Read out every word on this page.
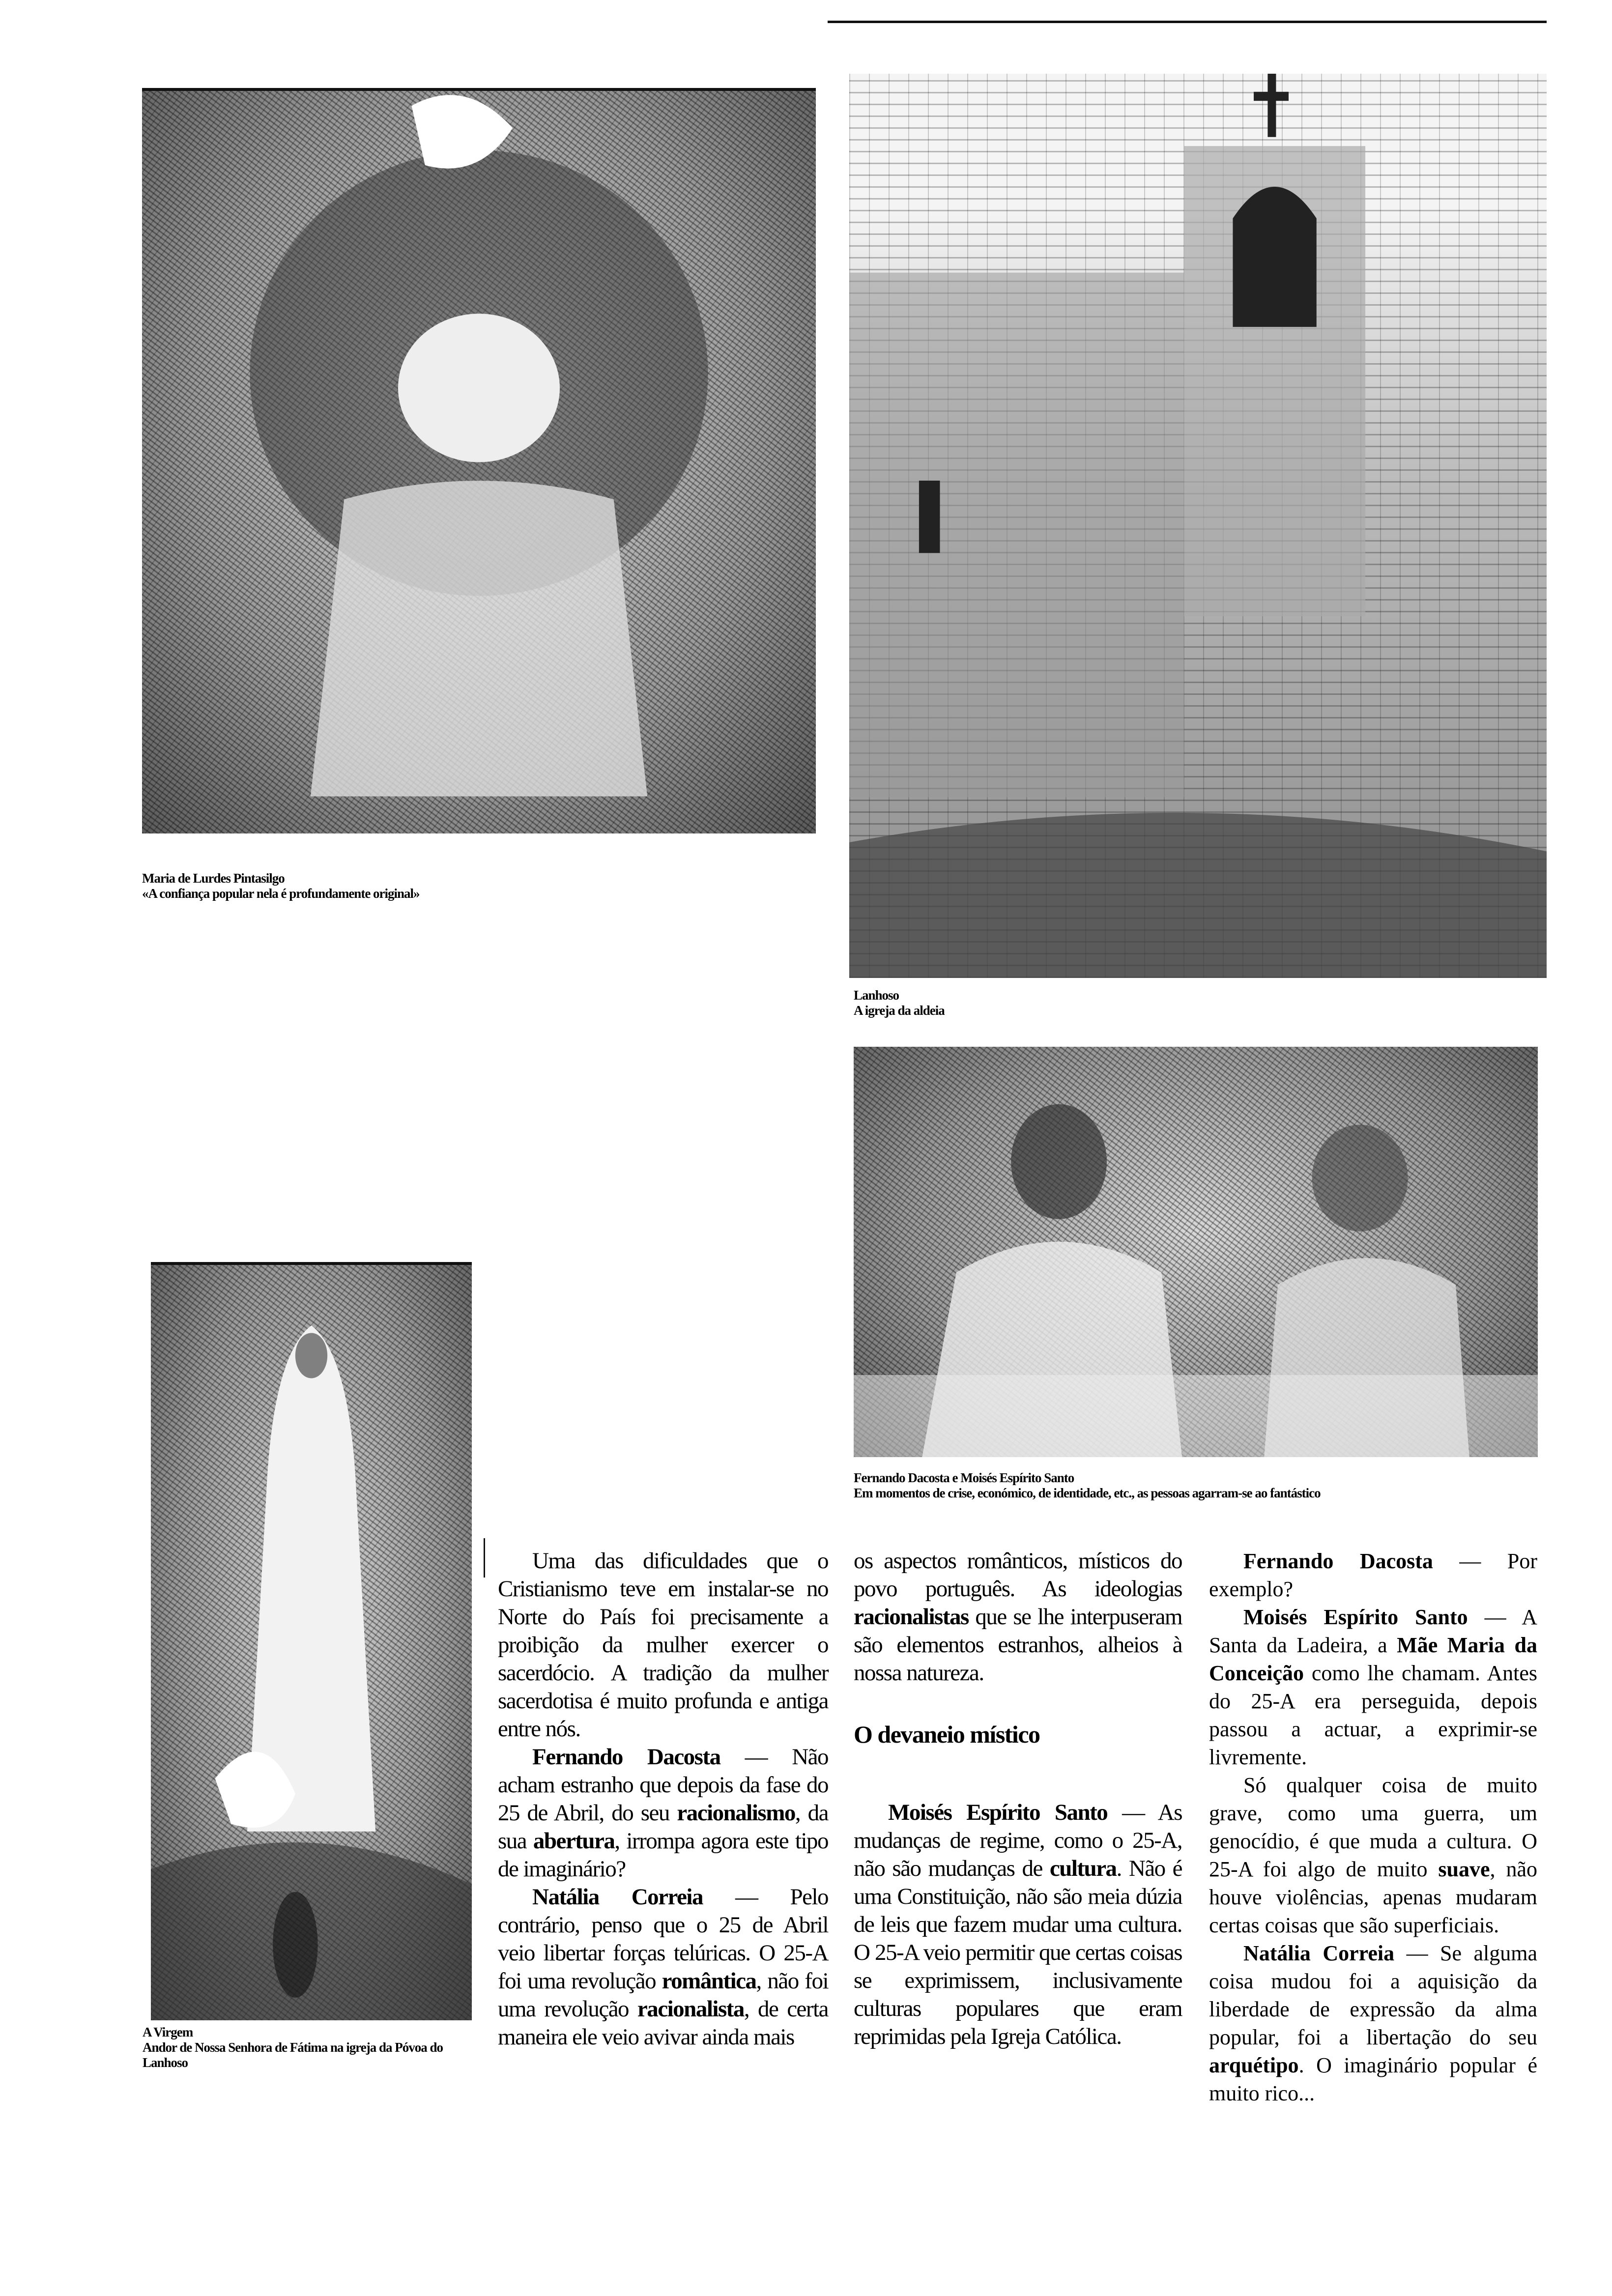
Maria de Lurdes Pintasilgo
«A confiança popular nela é profundamente original»
Lanhoso
A igreja da aldeia
Fernando Dacosta e Moisés Espírito Santo
Em momentos de crise, económico, de identidade, etc., as pessoas agarram-se ao fantástico
A Virgem
Andor de Nossa Senhora de Fátima na igreja da Póvoa do Lanhoso

Uma das dificuldades que o Cristianismo teve em instalar-se no Norte do País foi precisamente a proibição da mulher exercer o sacerdócio. A tradição da mulher sacerdotisa é muito profunda e antiga entre nós.

Fernando Dacosta — Não acham estranho que depois da fase do 25 de Abril, do seu racionalismo, da sua abertura, irrompa agora este tipo de imaginário?

Natália Correia — Pelo contrário, penso que o 25 de Abril veio libertar forças telúricas. O 25-A foi uma revolução romântica, não foi uma revolução racionalista, de certa maneira ele veio avivar ainda mais

os aspectos românticos, místicos do povo português. As ideologias racionalistas que se lhe interpuseram são elementos estranhos, alheios à nossa natureza.

O devaneio místico

Moisés Espírito Santo — As mudanças de regime, como o 25-A, não são mudanças de cultura. Não é uma Constituição, não são meia dúzia de leis que fazem mudar uma cultura. O 25-A veio permitir que certas coisas se exprimissem, inclusivamente culturas populares que eram reprimidas pela Igreja Católica.

Fernando Dacosta — Por exemplo?

Moisés Espírito Santo — A Santa da Ladeira, a Mãe Maria da Conceição como lhe chamam. Antes do 25-A era perseguida, depois passou a actuar, a exprimir-se livremente.

Só qualquer coisa de muito grave, como uma guerra, um genocídio, é que muda a cultura. O 25-A foi algo de muito suave, não houve violências, apenas mudaram certas coisas que são superficiais.

Natália Correia — Se alguma coisa mudou foi a aquisição da liberdade de expressão da alma popular, foi a libertação do seu arquétipo. O imaginário popular é muito rico...
